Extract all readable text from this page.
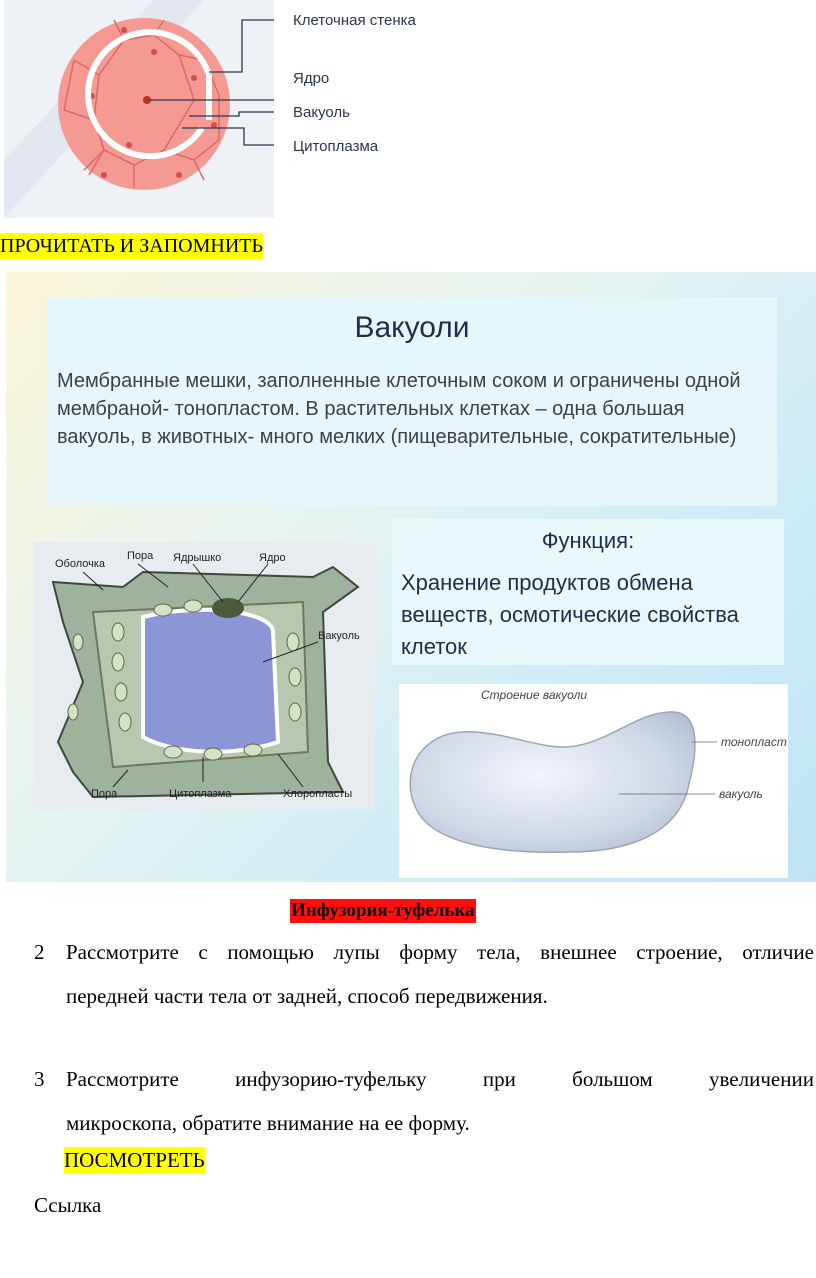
Клеточная стенка
Ядро
Вакуоль
Цитоплазма
ПРОЧИТАТЬ И ЗАПОМНИТЬ
Вакуоли
Мембранные мешки, заполненные клеточным соком и ограничены одной мембраной- тонопластом. В растительных клетках – одна большая вакуоль, в животных- много мелких (пищеварительные, сократительные)
Оболочка
Пора Ядрышко	Ядро
Вакуоль
Пора	Цитоплазма	Хлоропласты
Функция:
Хранение продуктов обмена веществ, осмотические свойства клеток
Строение вакуоли
тонопласт
вакуоль
Инфузория-туфелька
2 Рассмотрите с помощью лупы форму тела, внешнее строение, отличие
передней части тела от задней, способ передвижения.
3 Рассмотрите	инфузорию-туфельку	при	большом	увеличении
микроскопа, обратите внимание на ее форму.
ПОСМОТРЕТЬ
Ссылка
